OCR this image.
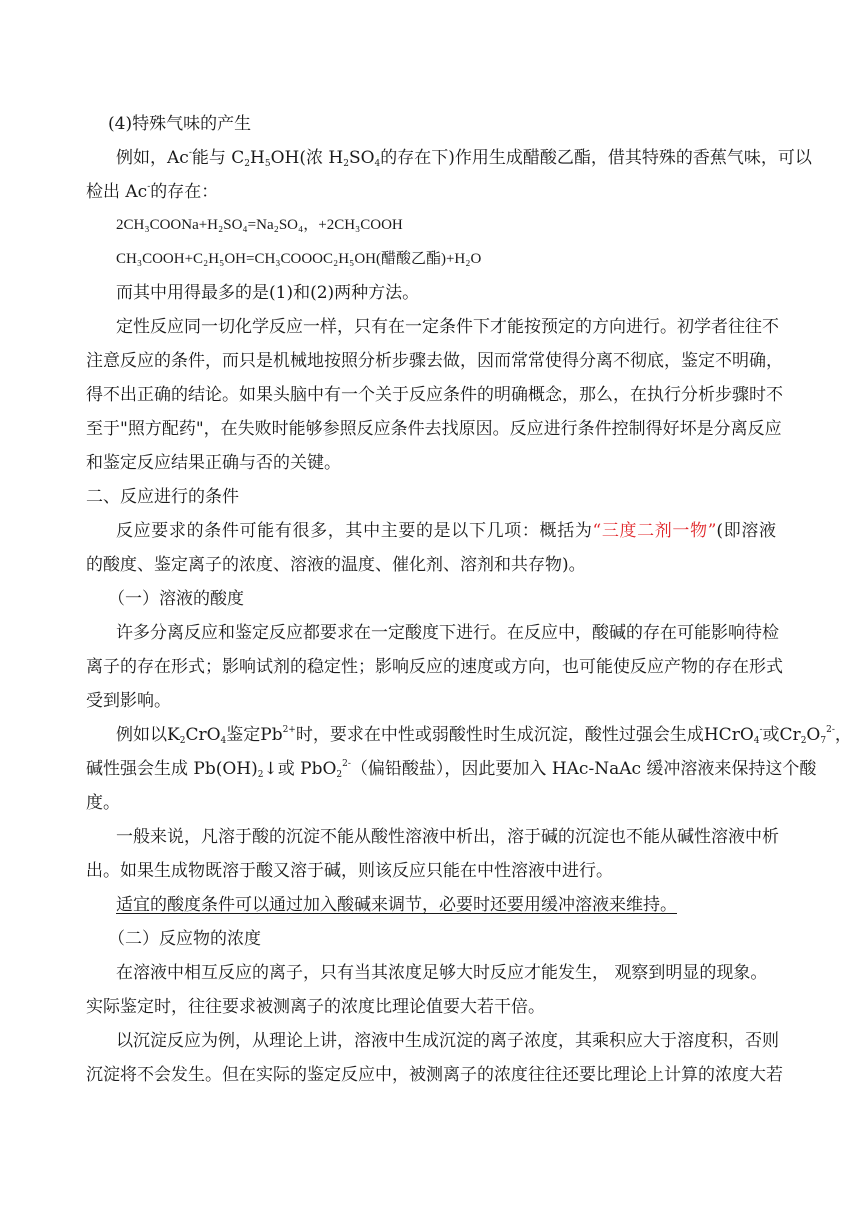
(4)特殊气味的产生
例如，Ac-能与 $C_2H_5OH$(浓 $H_2SO_4$的存在下)作用生成醋酸乙酯，借其特殊的香蕉气味，可以
检出 Ac-的存在：
2CH₃COONa+H₂SO₄=Na₂SO₄，+2CH₃COOH
CH₃COOH+C₂H₅OH=CH₃COOOC₂H₅OH(醋酸乙酯)+H₂O
而其中用得最多的是(1)和(2)两种方法。
定性反应同一切化学反应一样，只有在一定条件下才能按预定的方向进行。初学者往往不
注意反应的条件，而只是机械地按照分析步骤去做，因而常常使得分离不彻底，鉴定不明确，
得不出正确的结论。如果头脑中有一个关于反应条件的明确概念，那么，在执行分析步骤时不
至于"照方配药"，在失败时能够参照反应条件去找原因。反应进行条件控制得好坏是分离反应
和鉴定反应结果正确与否的关键。
二、反应进行的条件
反应要求的条件可能有很多，其中主要的是以下几项：概括为“三度二剂一物”(即溶液
的酸度、鉴定离子的浓度、溶液的温度、催化剂、溶剂和共存物)。
（一）溶液的酸度
许多分离反应和鉴定反应都要求在一定酸度下进行。在反应中，酸碱的存在可能影响待检
离子的存在形式；影响试剂的稳定性；影响反应的速度或方向，也可能使反应产物的存在形式
受到影响。
例如以$K_2CrO_4$鉴定$Pb^{2+}$时，要求在中性或弱酸性时生成沉淀，酸性过强会生成HCrO$_4$-或$Cr_2O_7^{2-}$，
碱性强会生成 $Pb(OH)_2↓$或 PbO$_2^{2-}$（偏铅酸盐），因此要加入 HAc-NaAc 缓冲溶液来保持这个酸
度。
一般来说，凡溶于酸的沉淀不能从酸性溶液中析出，溶于碱的沉淀也不能从碱性溶液中析
出。如果生成物既溶于酸又溶于碱，则该反应只能在中性溶液中进行。
适宜的酸度条件可以通过加入酸碱来调节，必要时还要用缓冲溶液来维持。
（二）反应物的浓度
在溶液中相互反应的离子，只有当其浓度足够大时反应才能发生， 观察到明显的现象。
实际鉴定时，往往要求被测离子的浓度比理论值要大若干倍。
以沉淀反应为例，从理论上讲，溶液中生成沉淀的离子浓度，其乘积应大于溶度积，否则
沉淀将不会发生。但在实际的鉴定反应中，被测离子的浓度往往还要比理论上计算的浓度大若
